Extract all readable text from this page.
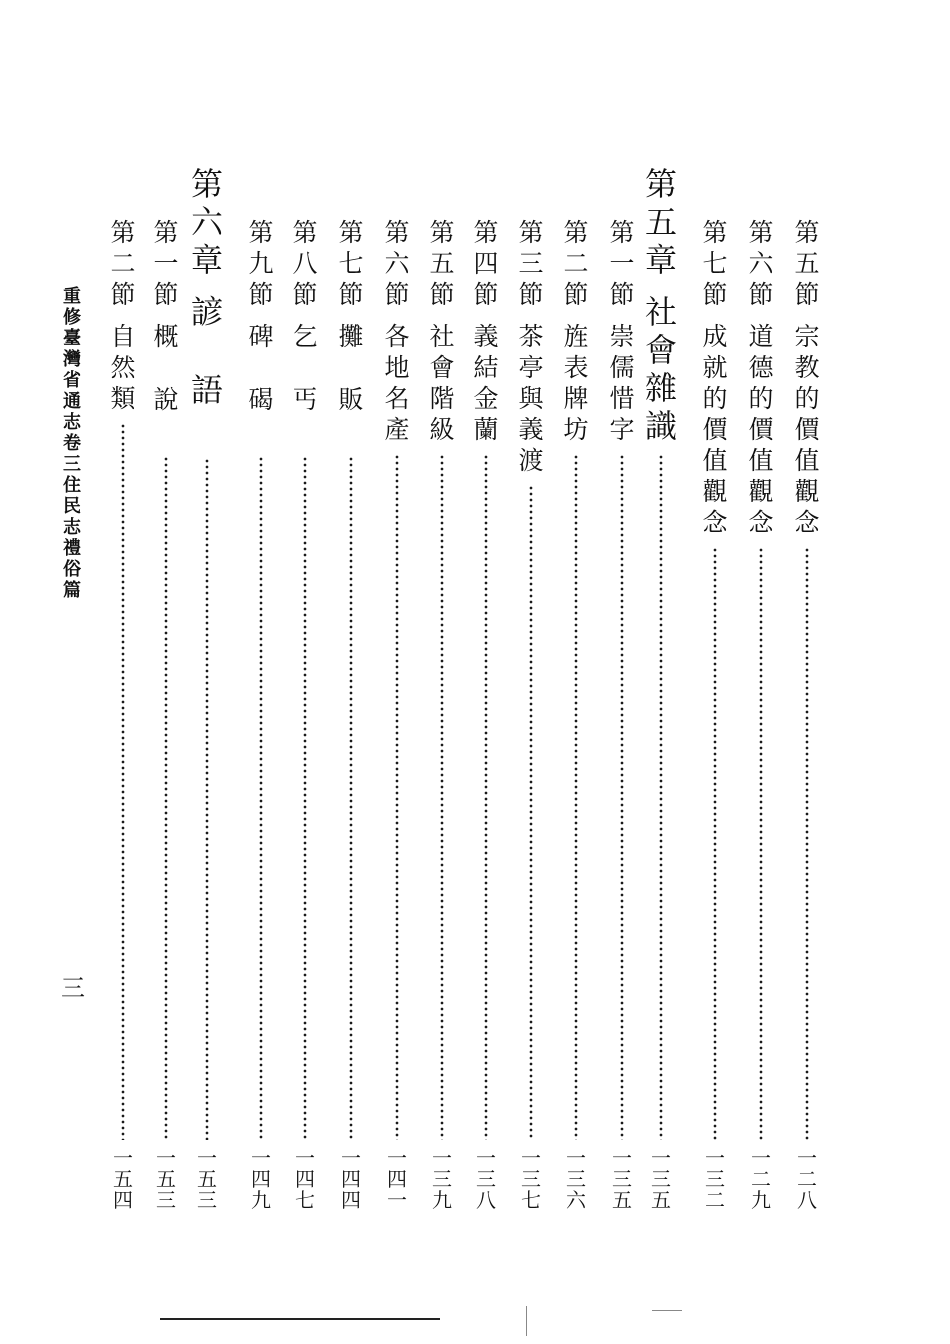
重
修
臺
灣
省
通
志
卷
三
住
民
志
禮
俗
篇
三
第
五
節
宗
教
的
價
值
觀
念
一
二
八
第
六
節
道
德
的
價
值
觀
念
一
二
九
第
七
節
成
就
的
價
值
觀
念
一
三
二
第
五
章
社
會
雜
識
一
三
五
第
一
節
崇
儒
惜
字
一
三
五
第
二
節
旌
表
牌
坊
一
三
六
第
三
節
茶
亭
與
義
渡
一
三
七
第
四
節
義
結
金
蘭
一
三
八
第
五
節
社
會
階
級
一
三
九
第
六
節
各
地
名
產
一
四
一
第
七
節
攤
販
一
四
四
第
八
節
乞
丐
一
四
七
第
九
節
碑
碣
一
四
九
第
六
章
諺
語
一
五
三
第
一
節
概
說
一
五
三
第
二
節
自
然
類
一
五
四
